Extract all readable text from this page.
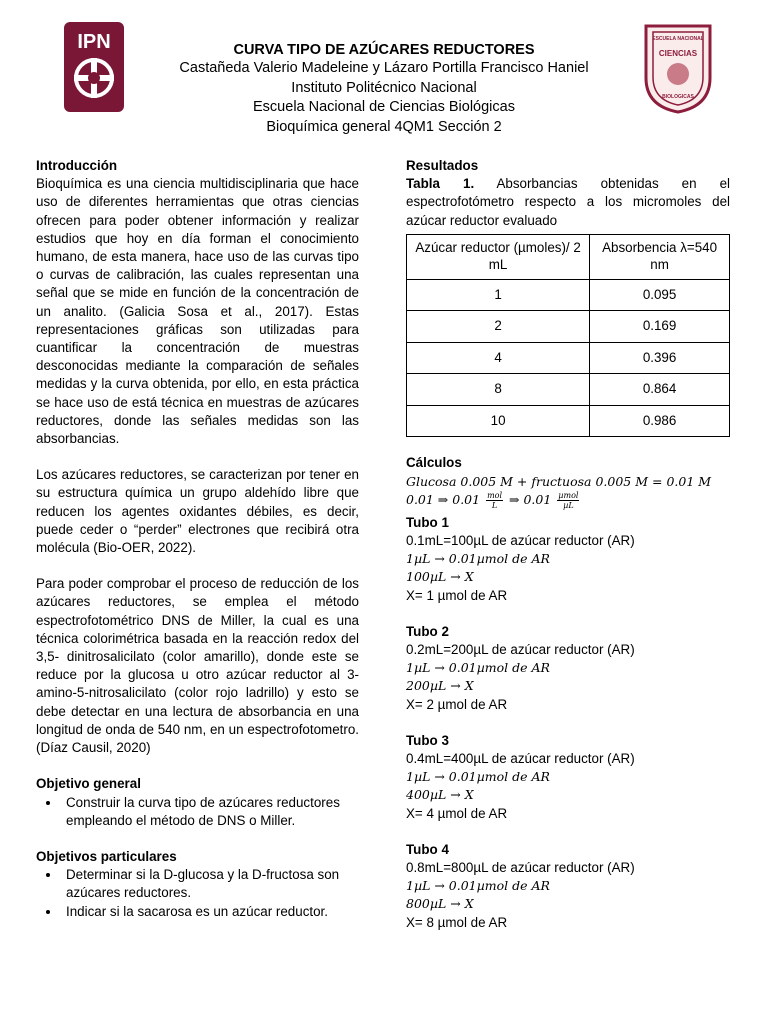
IPN	ESCUELA NACIONAL
CIENCIAS
BIOLOGICAS
CURVA TIPO DE AZÚCARES REDUCTORES
Castañeda Valerio Madeleine y Lázaro Portilla Francisco Haniel
Instituto Politécnico Nacional
Escuela Nacional de Ciencias Biológicas
Bioquímica general 4QM1 Sección 2
Introducción
Bioquímica es una ciencia multidisciplinaria que hace uso de diferentes herramientas que otras ciencias ofrecen para poder obtener información y realizar estudios que hoy en día forman el conocimiento humano, de esta manera, hace uso de las curvas tipo o curvas de calibración, las cuales representan una señal que se mide en función de la concentración de un analito. (Galicia Sosa et al., 2017). Estas representaciones gráficas son utilizadas para cuantificar la concentración de muestras desconocidas mediante la comparación de señales medidas y la curva obtenida, por ello, en esta práctica se hace uso de está técnica en muestras de azúcares reductores, donde las señales medidas son las absorbancias.
Los azúcares reductores, se caracterizan por tener en su estructura química un grupo aldehído libre que reducen los agentes oxidantes débiles, es decir, puede ceder o “perder” electrones que recibirá otra molécula (Bio-OER, 2022).
Para poder comprobar el proceso de reducción de los azúcares reductores, se emplea el método espectrofotométrico DNS de Miller, la cual es una técnica colorimétrica basada en la reacción redox del 3,5- dinitrosalicilato (color amarillo), donde este se reduce por la glucosa u otro azúcar reductor al 3-amino-5-nitrosalicilato (color rojo ladrillo) y esto se debe detectar en una lectura de absorbancia en una longitud de onda de 540 nm, en un espectrofotometro.(Díaz Causil, 2020)
Objetivo general
• Construir la curva tipo de azúcares reductores empleando el método de DNS o Miller.
Objetivos particulares
• Determinar si la D-glucosa y la D-fructosa son azúcares reductores.
• Indicar si la sacarosa es un azúcar reductor.
Resultados
Tabla 1. Absorbancias obtenidas en el espectrofotómetro respecto a los micromoles del azúcar reductor evaluado
Azúcar reductor (µmoles)/ 2 mL	Absorbencia λ=540 nm
1	0.095
2	0.169
4	0.396
8	0.864
10	0.986
Cálculos
Glucosa 0.005 M + fructuosa 0.005 M = 0.01 M
0.01 ⇒ $0.01 \frac{\text{mol}}{L}$ ⇒ $0.01 \frac{\text{µmol}}{\text{µL}}$
Tubo 1
0.1mL=100µL de azúcar reductor (AR)
1µL → 0.01µmol de AR
100µL → X
X= 1 µmol de AR
Tubo 2
0.2mL=200µL de azúcar reductor (AR)
1µL → 0.01µmol de AR
200µL → X
X= 2 µmol de AR
Tubo 3
0.4mL=400µL de azúcar reductor (AR)
1µL → 0.01µmol de AR
400µL → X
X= 4 µmol de AR
Tubo 4
0.8mL=800µL de azúcar reductor (AR)
1µL → 0.01µmol de AR
800µL → X
X= 8 µmol de AR
